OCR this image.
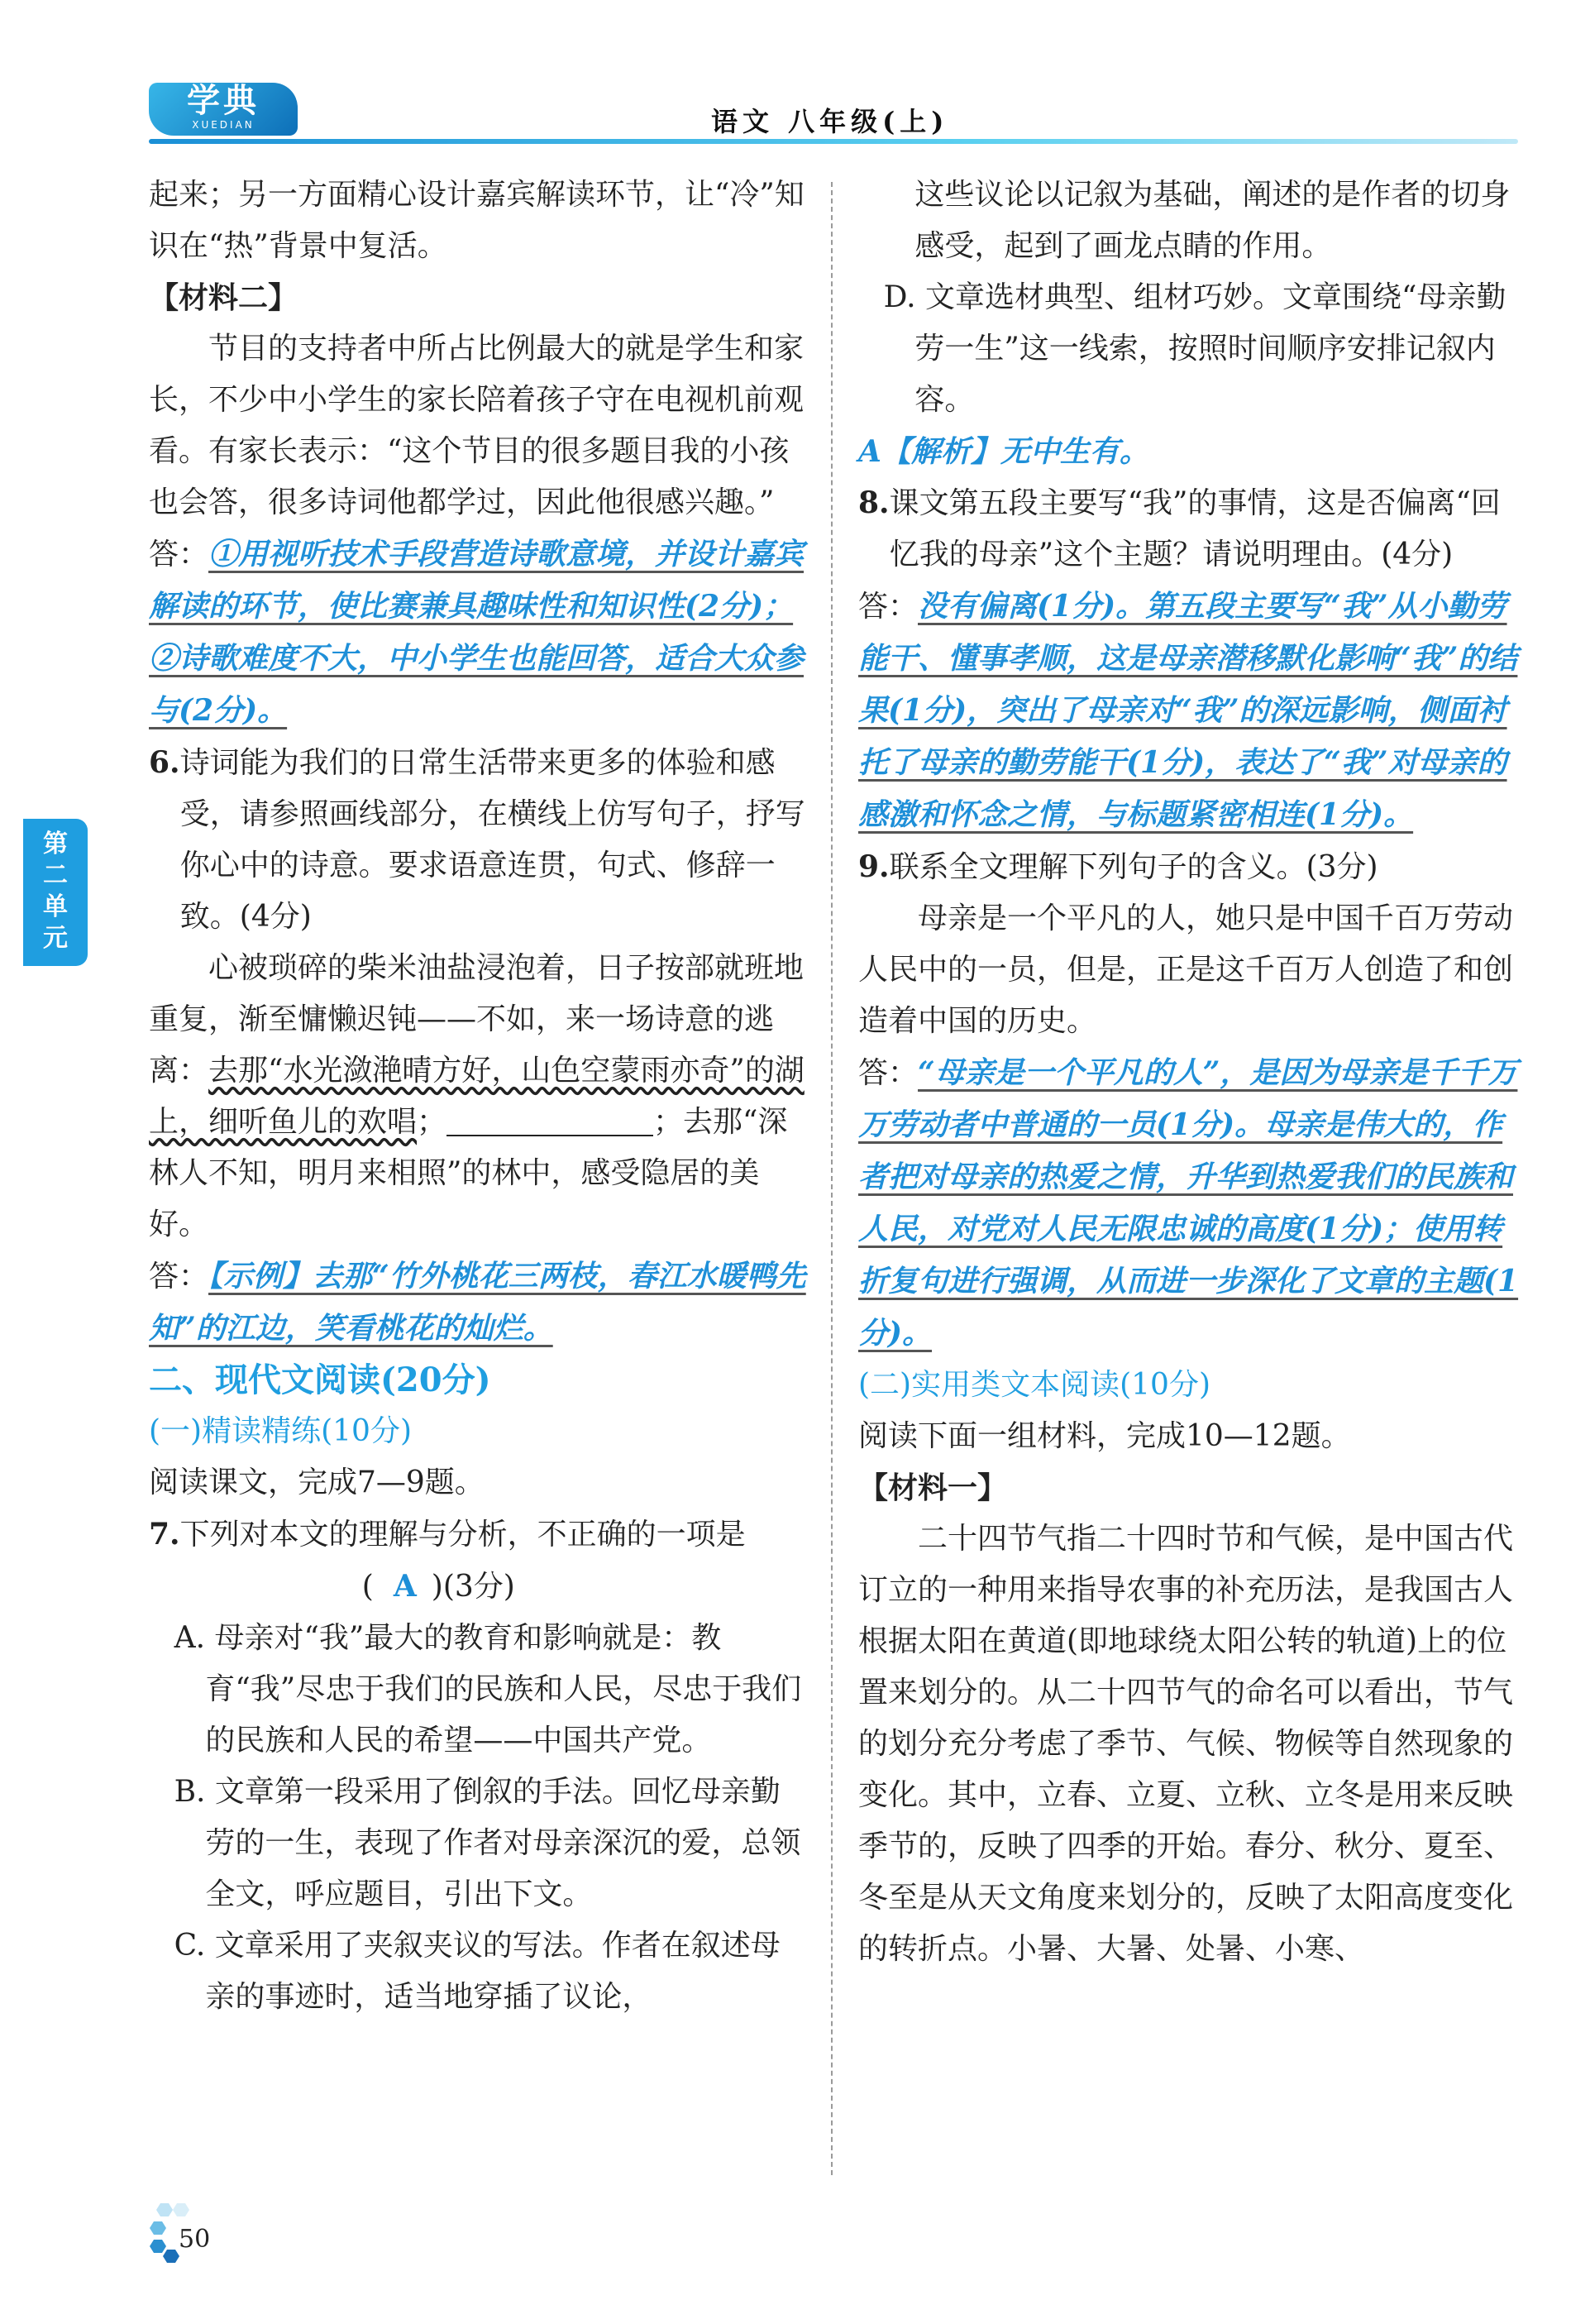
学典
XUEDIAN	语文 八年级(上)
第二单元

起来；另一方面精心设计嘉宾解读环节，让“冷”知识在“热”背景中复活。

【材料二】

节目的支持者中所占比例最大的就是学生和家长，不少中小学生的家长陪着孩子守在电视机前观看。有家长表示：“这个节目的很多题目我的小孩也会答，很多诗词他都学过，因此他很感兴趣。”

答：①用视听技术手段营造诗歌意境，并设计嘉宾解读的环节，使比赛兼具趣味性和知识性(2分)；②诗歌难度不大，中小学生也能回答，适合大众参与(2分)。

6.诗词能为我们的日常生活带来更多的体验和感受，请参照画线部分，在横线上仿写句子，抒写你心中的诗意。要求语意连贯，句式、修辞一致。(4分)

心被琐碎的柴米油盐浸泡着，日子按部就班地重复，渐至慵懒迟钝——不如，来一场诗意的逃离：去那“水光潋滟晴方好，山色空蒙雨亦奇”的湖上，细听鱼儿的欢唱；	；去那“深林人不知，明月来相照”的林中，感受隐居的美好。

答：【示例】去那“竹外桃花三两枝，春江水暖鸭先知”的江边，笑看桃花的灿烂。

二、现代文阅读(20分)

(一)精读精练(10分)

阅读课文，完成7—9题。

7.下列对本文的理解与分析，不正确的一项是( A )(3分)

A. 母亲对“我”最大的教育和影响就是：教育“我”尽忠于我们的民族和人民，尽忠于我们的民族和人民的希望——中国共产党。

B. 文章第一段采用了倒叙的手法。回忆母亲勤劳的一生，表现了作者对母亲深沉的爱，总领全文，呼应题目，引出下文。

C. 文章采用了夹叙夹议的写法。作者在叙述母亲的事迹时，适当地穿插了议论，

这些议论以记叙为基础，阐述的是作者的切身感受，起到了画龙点睛的作用。

D. 文章选材典型、组材巧妙。文章围绕“母亲勤劳一生”这一线索，按照时间顺序安排记叙内容。

A【解析】无中生有。

8.课文第五段主要写“我”的事情，这是否偏离“回忆我的母亲”这个主题？请说明理由。(4分)

答：没有偏离(1分)。第五段主要写“我”从小勤劳能干、懂事孝顺，这是母亲潜移默化影响“我”的结果(1分)，突出了母亲对“我”的深远影响，侧面衬托了母亲的勤劳能干(1分)，表达了“我”对母亲的感激和怀念之情，与标题紧密相连(1分)。

9.联系全文理解下列句子的含义。(3分)

母亲是一个平凡的人，她只是中国千百万劳动人民中的一员，但是，正是这千百万人创造了和创造着中国的历史。

答：“母亲是一个平凡的人”，是因为母亲是千千万万劳动者中普通的一员(1分)。母亲是伟大的，作者把对母亲的热爱之情，升华到热爱我们的民族和人民，对党对人民无限忠诚的高度(1分)；使用转折复句进行强调，从而进一步深化了文章的主题(1分)。

(二)实用类文本阅读(10分)

阅读下面一组材料，完成10—12题。

【材料一】

二十四节气指二十四时节和气候，是中国古代订立的一种用来指导农事的补充历法，是我国古人根据太阳在黄道(即地球绕太阳公转的轨道)上的位置来划分的。从二十四节气的命名可以看出，节气的划分充分考虑了季节、气候、物候等自然现象的变化。其中，立春、立夏、立秋、立冬是用来反映季节的，反映了四季的开始。春分、秋分、夏至、冬至是从天文角度来划分的，反映了太阳高度变化的转折点。小暑、大暑、处暑、小寒、

50
